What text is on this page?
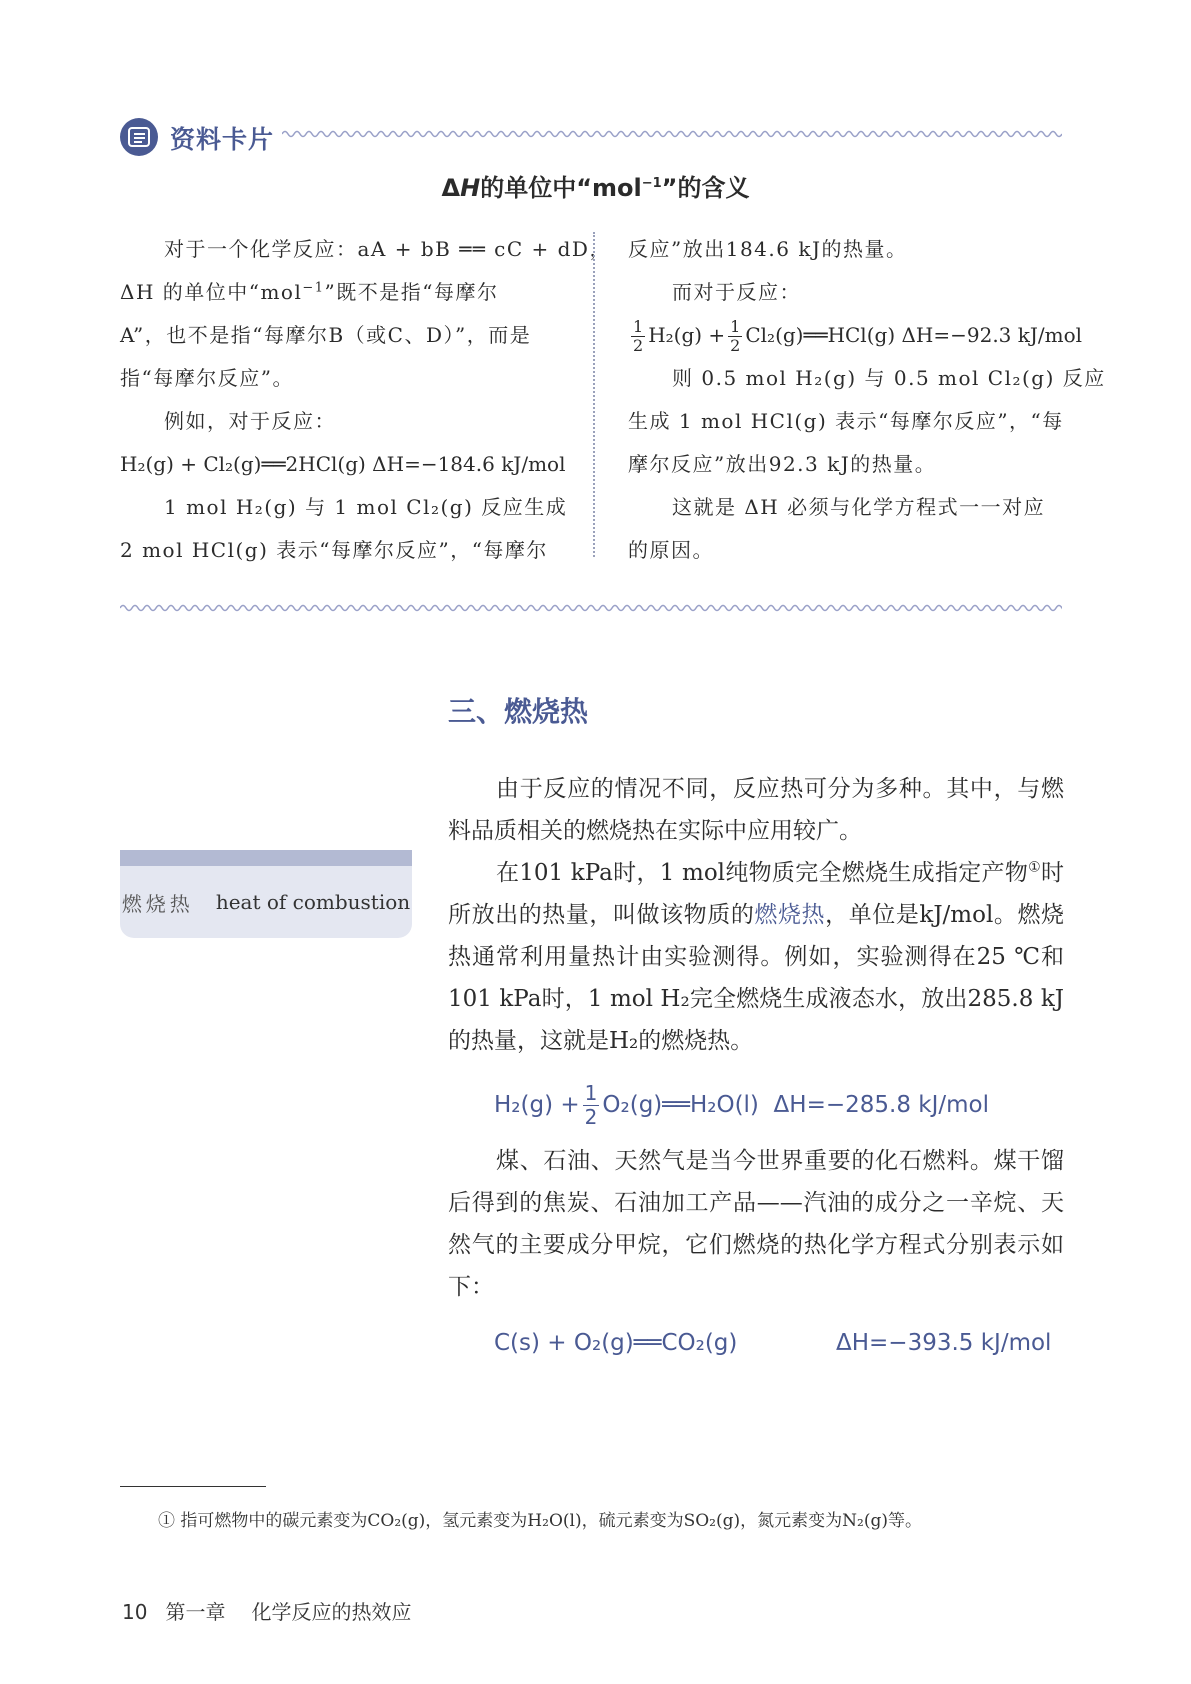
资料卡片
ΔH的单位中“mol$^{-1}$”的含义

对于一个化学反应：aA + bB ══ cC + dD，

ΔH 的单位中“mol$^{-1}$”既不是指“每摩尔

A”，也不是指“每摩尔B（或C、D）”，而是

指“每摩尔反应”。

例如，对于反应：

H₂(g) + Cl₂(g)══2HCl(g) ΔH=−184.6 kJ/mol

1 mol H₂(g) 与 1 mol Cl₂(g) 反应生成

2 mol HCl(g) 表示“每摩尔反应”，“每摩尔

反应”放出184.6 kJ的热量。

而对于反应：

$\frac{1}{2} H_2(g) + \frac{1}{2}$ Cl₂(g)══HCl(g) ΔH=−92.3 kJ/mol

则 0.5 mol H₂(g) 与 0.5 mol Cl₂(g) 反应

生成 1 mol HCl(g) 表示“每摩尔反应”，“每

摩尔反应”放出92.3 kJ的热量。

这就是 ΔH 必须与化学方程式一一对应

的原因。

三、燃烧热

由于反应的情况不同，反应热可分为多种。其中，与燃料品质相关的燃烧热在实际中应用较广。

在101 kPa时，1 mol纯物质完全燃烧生成指定产物①时所放出的热量，叫做该物质的燃烧热，单位是kJ/mol。燃烧热通常利用量热计由实验测得。例如，实验测得在25 ℃和101 kPa时，1 mol H₂完全燃烧生成液态水，放出285.8 kJ的热量，这就是H₂的燃烧热。

$H_2(g) + \frac{1}{2}$ O₂(g)══H₂O(l) ΔH=−285.8 kJ/mol

煤、石油、天然气是当今世界重要的化石燃料。煤干馏后得到的焦炭、石油加工产品——汽油的成分之一辛烷、天然气的主要成分甲烷，它们燃烧的热化学方程式分别表示如下：

C(s) + O₂(g)══CO₂(g)	ΔH=−393.5 kJ/mol
燃烧热 heat of combustion
① 指可燃物中的碳元素变为CO₂(g)，氢元素变为H₂O(l)，硫元素变为SO₂(g)，氮元素变为N₂(g)等。
10 第一章 化学反应的热效应
